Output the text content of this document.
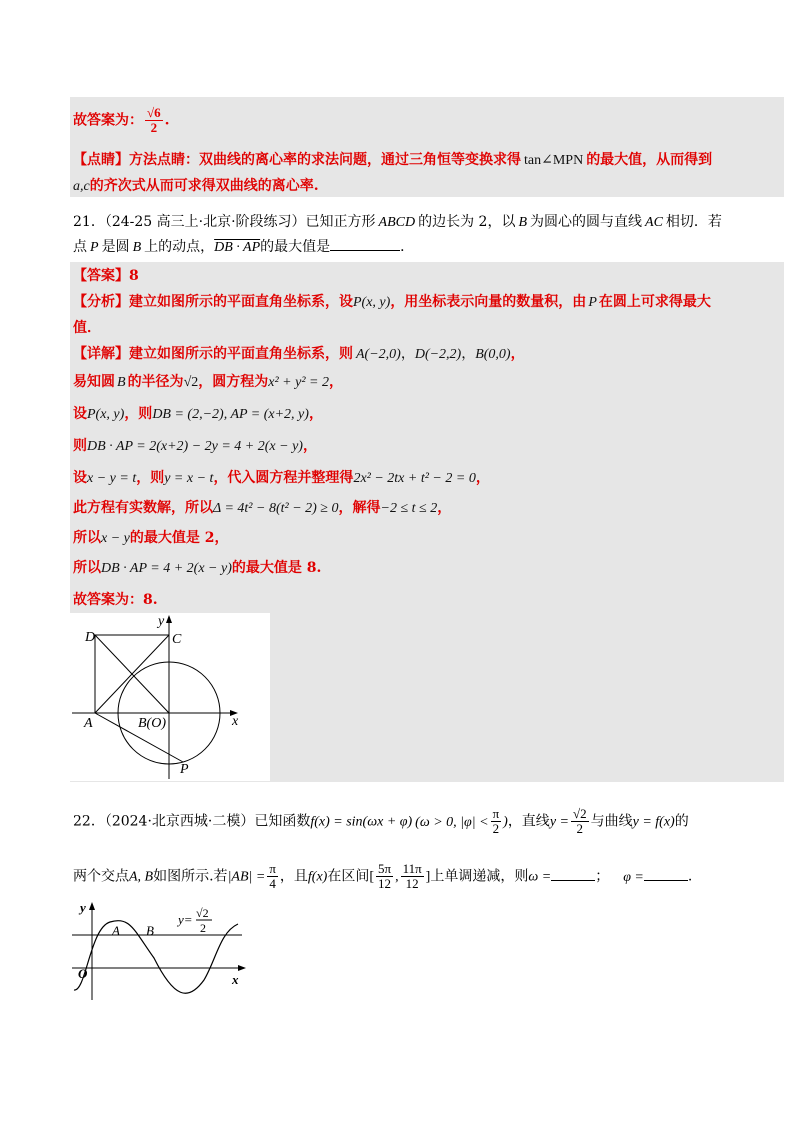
故答案为： $\frac{√6}{2}$ .
【点睛】方法点睛：双曲线的离心率的求法问题，通过三角恒等变换求得 tan∠MPN 的最大值，从而得到
a,c的齐次式从而可求得双曲线的离心率.
21．（24-25 高三上·北京·阶段练习）已知正方形 ABCD 的边长为 2，以 B 为圆心的圆与直线 AC 相切．若
点 P 是圆 B 上的动点，DB · AP的最大值是	．
【答案】8
【分析】建立如图所示的平面直角坐标系，设P(x, y)，用坐标表示向量的数量积，由 P 在圆上可求得最大
值．
【详解】建立如图所示的平面直角坐标系，则 A(−2,0)，D(−2,2)，B(0,0)，
易知圆 B 的半径为√2，圆方程为x² + y² = 2，
设P(x, y)，则DB = (2,−2), AP = (x+2, y)，
则DB · AP = 2(x+2) − 2y = 4 + 2(x − y)，
设x − y = t，则y = x − t，代入圆方程并整理得2x² − 2tx + t² − 2 = 0，
此方程有实数解，所以Δ = 4t² − 8(t² − 2) ≥ 0，解得−2 ≤ t ≤ 2，
所以x − y的最大值是 2，
所以DB · AP = 4 + 2(x − y)的最大值是 8.
故答案为：8.
D	C
A	B(O)
P
x
y
22．（2024·北京西城·二模）已知函数f(x) = sin(ωx + φ) (ω > 0, $|\varphi| < \frac{\pi}{2}$ )，直线$y = \frac{√2}{2}$ 与曲线y = f(x)的
两个交点A, B如图所示.若$|AB| = \frac{\pi}{4}$ ，且f(x)在区间[ $\frac{5\pi}{12}$ , $\frac{11\pi}{12}$ ]上单调递减，则ω =	； φ =	.
y
O	x
A B
y= √2
2
